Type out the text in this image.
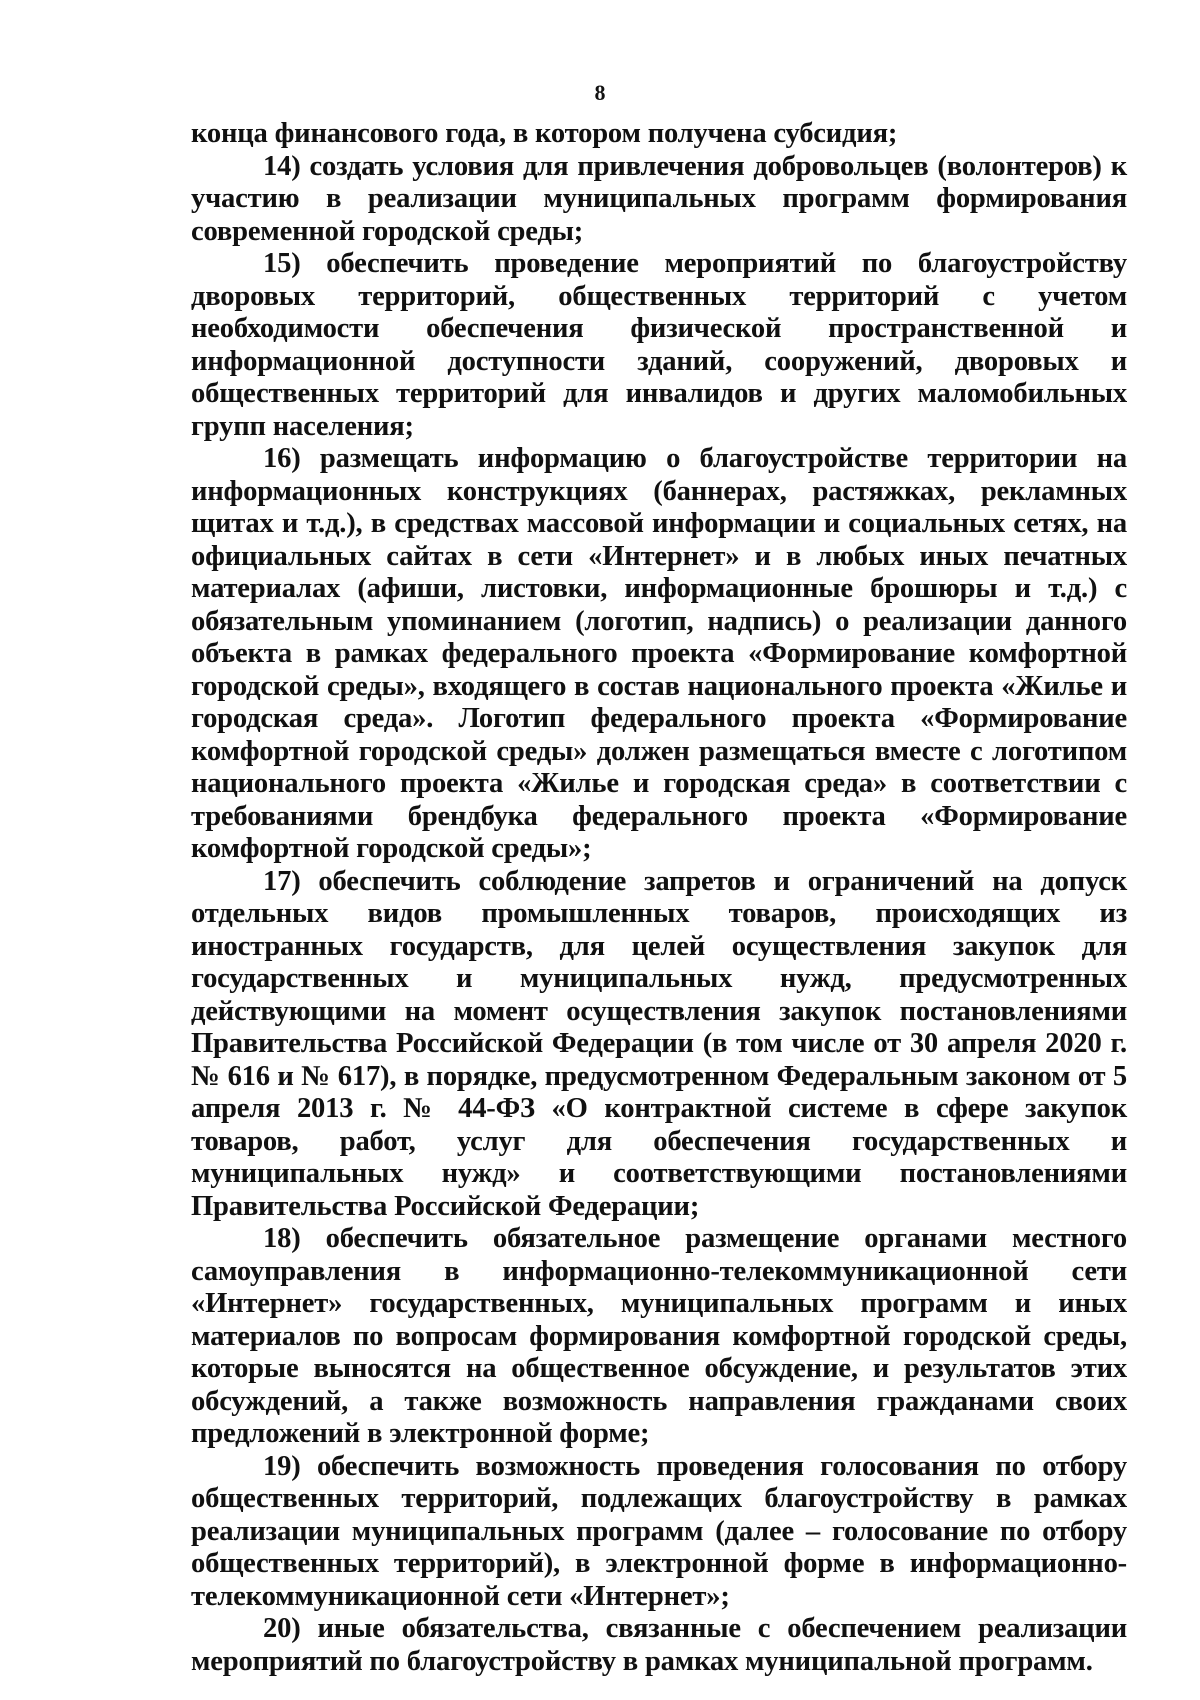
8

конца финансового года, в котором получена субсидия;

14) создать условия для привлечения добровольцев (волонтеров) к участию в реализации муниципальных программ формирования современной городской среды;

15) обеспечить проведение мероприятий по благоустройству дворовых территорий, общественных территорий с учетом необходимости обеспечения физической пространственной и информационной доступности зданий, сооружений, дворовых и общественных территорий для инвалидов и других маломобильных групп населения;

16) размещать информацию о благоустройстве территории на информационных конструкциях (баннерах, растяжках, рекламных щитах и т.д.), в средствах массовой информации и социальных сетях, на официальных сайтах в сети «Интернет» и в любых иных печатных материалах (афиши, листовки, информационные брошюры и т.д.) с обязательным упоминанием (логотип, надпись) о реализации данного объекта в рамках федерального проекта «Формирование комфортной городской среды», входящего в состав национального проекта «Жилье и городская среда». Логотип федерального проекта «Формирование комфортной городской среды» должен размещаться вместе с логотипом национального проекта «Жилье и городская среда» в соответствии с требованиями брендбука федерального проекта «Формирование комфортной городской среды»;

17) обеспечить соблюдение запретов и ограничений на допуск отдельных видов промышленных товаров, происходящих из иностранных государств, для целей осуществления закупок для государственных и муниципальных нужд, предусмотренных действующими на момент осуществления закупок постановлениями Правительства Российской Федерации (в том числе от 30 апреля 2020 г. № 616 и № 617), в порядке, предусмотренном Федеральным законом от 5 апреля 2013 г. № 44-ФЗ «О контрактной системе в сфере закупок товаров, работ, услуг для обеспечения государственных и муниципальных нужд» и соответствующими постановлениями Правительства Российской Федерации;

18) обеспечить обязательное размещение органами местного самоуправления в информационно-телекоммуникационной сети «Интернет» государственных, муниципальных программ и иных материалов по вопросам формирования комфортной городской среды, которые выносятся на общественное обсуждение, и результатов этих обсуждений, а также возможность направления гражданами своих предложений в электронной форме;

19) обеспечить возможность проведения голосования по отбору общественных территорий, подлежащих благоустройству в рамках реализации муниципальных программ (далее – голосование по отбору общественных территорий), в электронной форме в информационно-телекоммуникационной сети «Интернет»;

20) иные обязательства, связанные с обеспечением реализации мероприятий по благоустройству в рамках муниципальной программ.
